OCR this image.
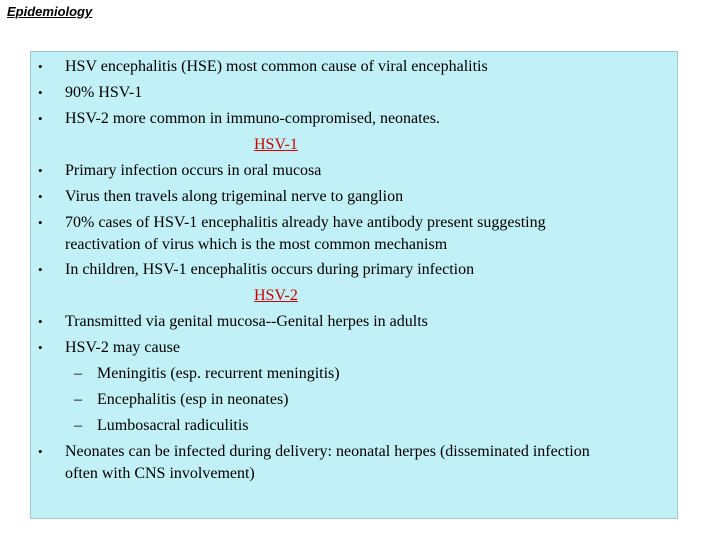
Epidemiology
• HSV encephalitis (HSE) most common cause of viral encephalitis
• 90% HSV-1
• HSV-2 more common in immuno-compromised, neonates.
HSV-1
• Primary infection occurs in oral mucosa
• Virus then travels along trigeminal nerve to ganglion
• 70% cases of HSV-1 encephalitis already have antibody present suggesting
reactivation of virus which is the most common mechanism
• In children, HSV-1 encephalitis occurs during primary infection
HSV-2
• Transmitted via genital mucosa--Genital herpes in adults
• HSV-2 may cause
– Meningitis (esp. recurrent meningitis)
– Encephalitis (esp in neonates)
– Lumbosacral radiculitis
• Neonates can be infected during delivery: neonatal herpes (disseminated infection
often with CNS involvement)
